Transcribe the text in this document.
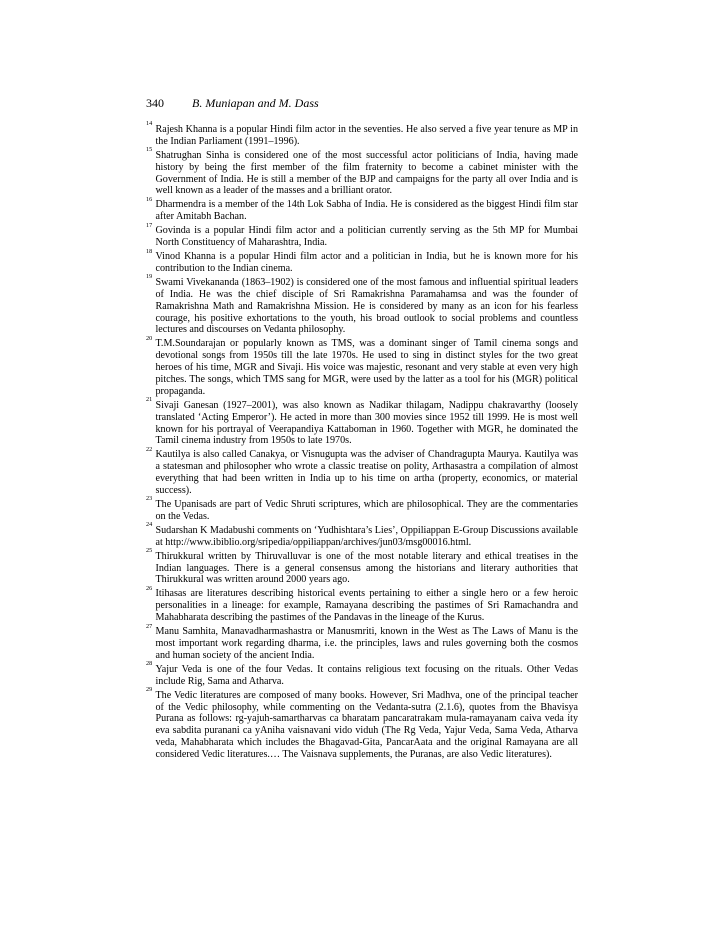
340 B. Muniapan and M. Dass

14
Rajesh Khanna is a popular Hindi film actor in the seventies. He also served a five year tenure as MP in the Indian Parliament (1991–1996).

15
Shatrughan Sinha is considered one of the most successful actor politicians of India, having made history by being the first member of the film fraternity to become a cabinet minister with the Government of India. He is still a member of the BJP and campaigns for the party all over India and is well known as a leader of the masses and a brilliant orator.

16
Dharmendra is a member of the 14th Lok Sabha of India. He is considered as the biggest Hindi film star after Amitabh Bachan.

17
Govinda is a popular Hindi film actor and a politician currently serving as the 5th MP for Mumbai North Constituency of Maharashtra, India.

18
Vinod Khanna is a popular Hindi film actor and a politician in India, but he is known more for his contribution to the Indian cinema.

19
Swami Vivekananda (1863–1902) is considered one of the most famous and influential spiritual leaders of India. He was the chief disciple of Sri Ramakrishna Paramahamsa and was the founder of Ramakrishna Math and Ramakrishna Mission. He is considered by many as an icon for his fearless courage, his positive exhortations to the youth, his broad outlook to social problems and countless lectures and discourses on Vedanta philosophy.

20
T.M.Soundarajan or popularly known as TMS, was a dominant singer of Tamil cinema songs and devotional songs from 1950s till the late 1970s. He used to sing in distinct styles for the two great heroes of his time, MGR and Sivaji. His voice was majestic, resonant and very stable at even very high pitches. The songs, which TMS sang for MGR, were used by the latter as a tool for his (MGR) political propaganda.

21
Sivaji Ganesan (1927–2001), was also known as Nadikar thilagam, Nadippu chakravarthy (loosely translated ‘Acting Emperor’). He acted in more than 300 movies since 1952 till 1999. He is most well known for his portrayal of Veerapandiya Kattaboman in 1960. Together with MGR, he dominated the Tamil cinema industry from 1950s to late 1970s.

22
Kautilya is also called Canakya, or Visnugupta was the adviser of Chandragupta Maurya. Kautilya was a statesman and philosopher who wrote a classic treatise on polity, Arthasastra a compilation of almost everything that had been written in India up to his time on artha (property, economics, or material success).

23
The Upanisads are part of Vedic Shruti scriptures, which are philosophical. They are the commentaries on the Vedas.

24
Sudarshan K Madabushi comments on ‘Yudhishtara’s Lies’, Oppiliappan E-Group Discussions available at http://www.ibiblio.org/sripedia/oppiliappan/archives/jun03/msg00016.html.

25
Thirukkural written by Thiruvalluvar is one of the most notable literary and ethical treatises in the Indian languages. There is a general consensus among the historians and literary authorities that Thirukkural was written around 2000 years ago.

26
Itihasas are literatures describing historical events pertaining to either a single hero or a few heroic personalities in a lineage: for example, Ramayana describing the pastimes of Sri Ramachandra and Mahabharata describing the pastimes of the Pandavas in the lineage of the Kurus.

27
Manu Samhita, Manavadharmashastra or Manusmriti, known in the West as The Laws of Manu is the most important work regarding dharma, i.e. the principles, laws and rules governing both the cosmos and human society of the ancient India.

28
Yajur Veda is one of the four Vedas. It contains religious text focusing on the rituals. Other Vedas include Rig, Sama and Atharva.

29
The Vedic literatures are composed of many books. However, Sri Madhva, one of the principal teacher of the Vedic philosophy, while commenting on the Vedanta-sutra (2.1.6), quotes from the Bhavisya Purana as follows: rg-yajuh-samartharvas ca bharatam pancaratrakam mula-ramayanam caiva veda ity eva sabdita puranani ca yAniha vaisnavani vido viduh (The Rg Veda, Yajur Veda, Sama Veda, Atharva veda, Mahabharata which includes the Bhagavad-Gita, PancarAata and the original Ramayana are all considered Vedic literatures.… The Vaisnava supplements, the Puranas, are also Vedic literatures).
